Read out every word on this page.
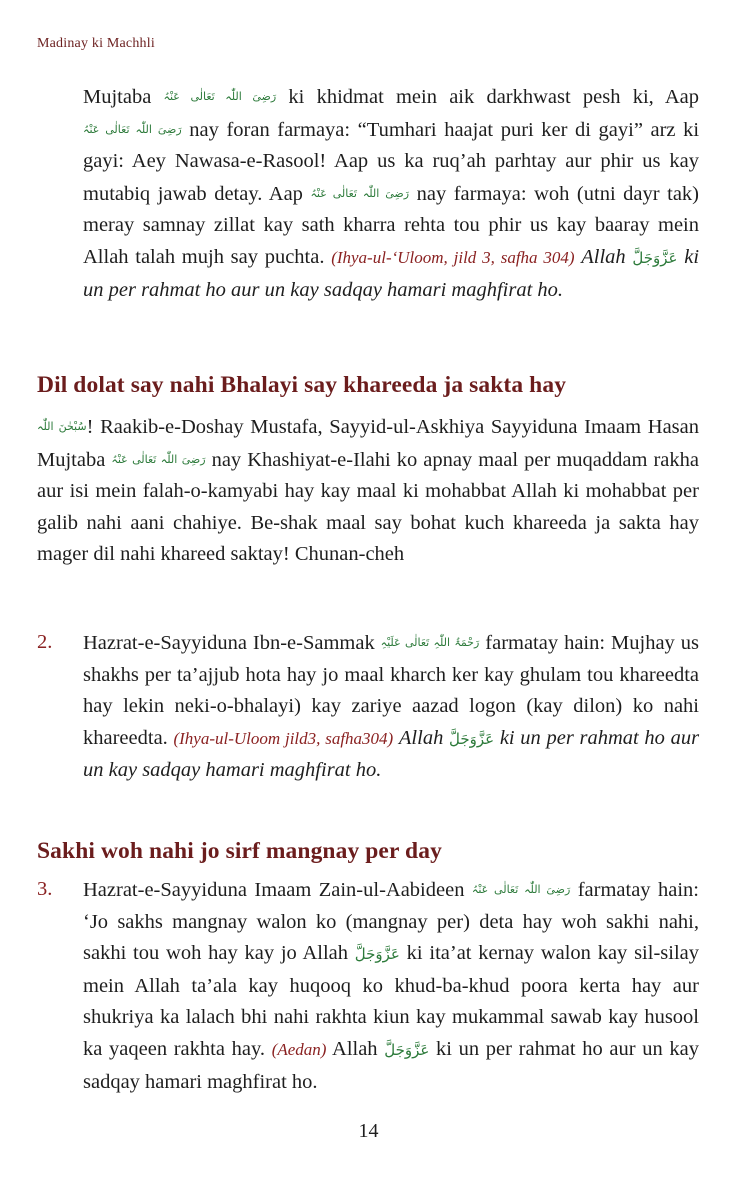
Madinay ki Machhli
Mujtaba رَضِیَ اللّٰہ تَعَالٰی عَنْہُ ki khidmat mein aik darkhwast pesh ki, Aap رَضِیَ اللّٰہ تَعَالٰی عَنْہُ nay foran farmaya: “Tumhari haajat puri ker di gayi” arz ki gayi: Aey Nawasa-e-Rasool! Aap us ka ruq’ah parhtay aur phir us kay mutabiq jawab detay. Aap رَضِیَ اللّٰہ تَعَالٰی عَنْہُ nay farmaya: woh (utni dayr tak) meray samnay zillat kay sath kharra rehta tou phir us kay baaray mein Allah talah mujh say puchta. (Ihya-ul-‘Uloom, jild 3, safha 304) Allah عَزَّوَجَلَّ ki un per rahmat ho aur un kay sadqay hamari maghfirat ho.
Dil dolat say nahi Bhalayi say khareeda ja sakta hay
سُبْحٰنَ اللّٰہ! Raakib-e-Doshay Mustafa, Sayyid-ul-Askhiya Sayyiduna Imaam Hasan Mujtaba رَضِیَ اللّٰہ تَعَالٰی عَنْہُ nay Khashiyat-e-Ilahi ko apnay maal per muqaddam rakha aur isi mein falah-o-kamyabi hay kay maal ki mohabbat Allah ki mohabbat per galib nahi aani chahiye. Be-shak maal say bohat kuch khareeda ja sakta hay mager dil nahi khareed saktay! Chunan-cheh
2. Hazrat-e-Sayyiduna Ibn-e-Sammak رَحْمَۃُ اللّٰہِ تَعَالٰی عَلَیْہِ farmatay hain: Mujhay us shakhs per ta’ajjub hota hay jo maal kharch ker kay ghulam tou khareedta hay lekin neki-o-bhalayi) kay zariye aazad logon (kay dilon) ko nahi khareedta. (Ihya-ul-Uloom jild3, safha304) Allah عَزَّوَجَلَّ ki un per rahmat ho aur un kay sadqay hamari maghfirat ho.
Sakhi woh nahi jo sirf mangnay per day
3. Hazrat-e-Sayyiduna Imaam Zain-ul-Aabideen رَضِیَ اللّٰہ تَعَالٰی عَنْہُ farmatay hain: ‘Jo sakhs mangnay walon ko (mangnay per) deta hay woh sakhi nahi, sakhi tou woh hay kay jo Allah عَزَّوَجَلَّ ki ita’at kernay walon kay sil-silay mein Allah ta’ala kay huqooq ko khud-ba-khud poora kerta hay aur shukriya ka lalach bhi nahi rakhta kiun kay mukammal sawab kay husool ka yaqeen rakhta hay. (Aedan) Allah عَزَّوَجَلَّ ki un per rahmat ho aur un kay sadqay hamari maghfirat ho.
14
